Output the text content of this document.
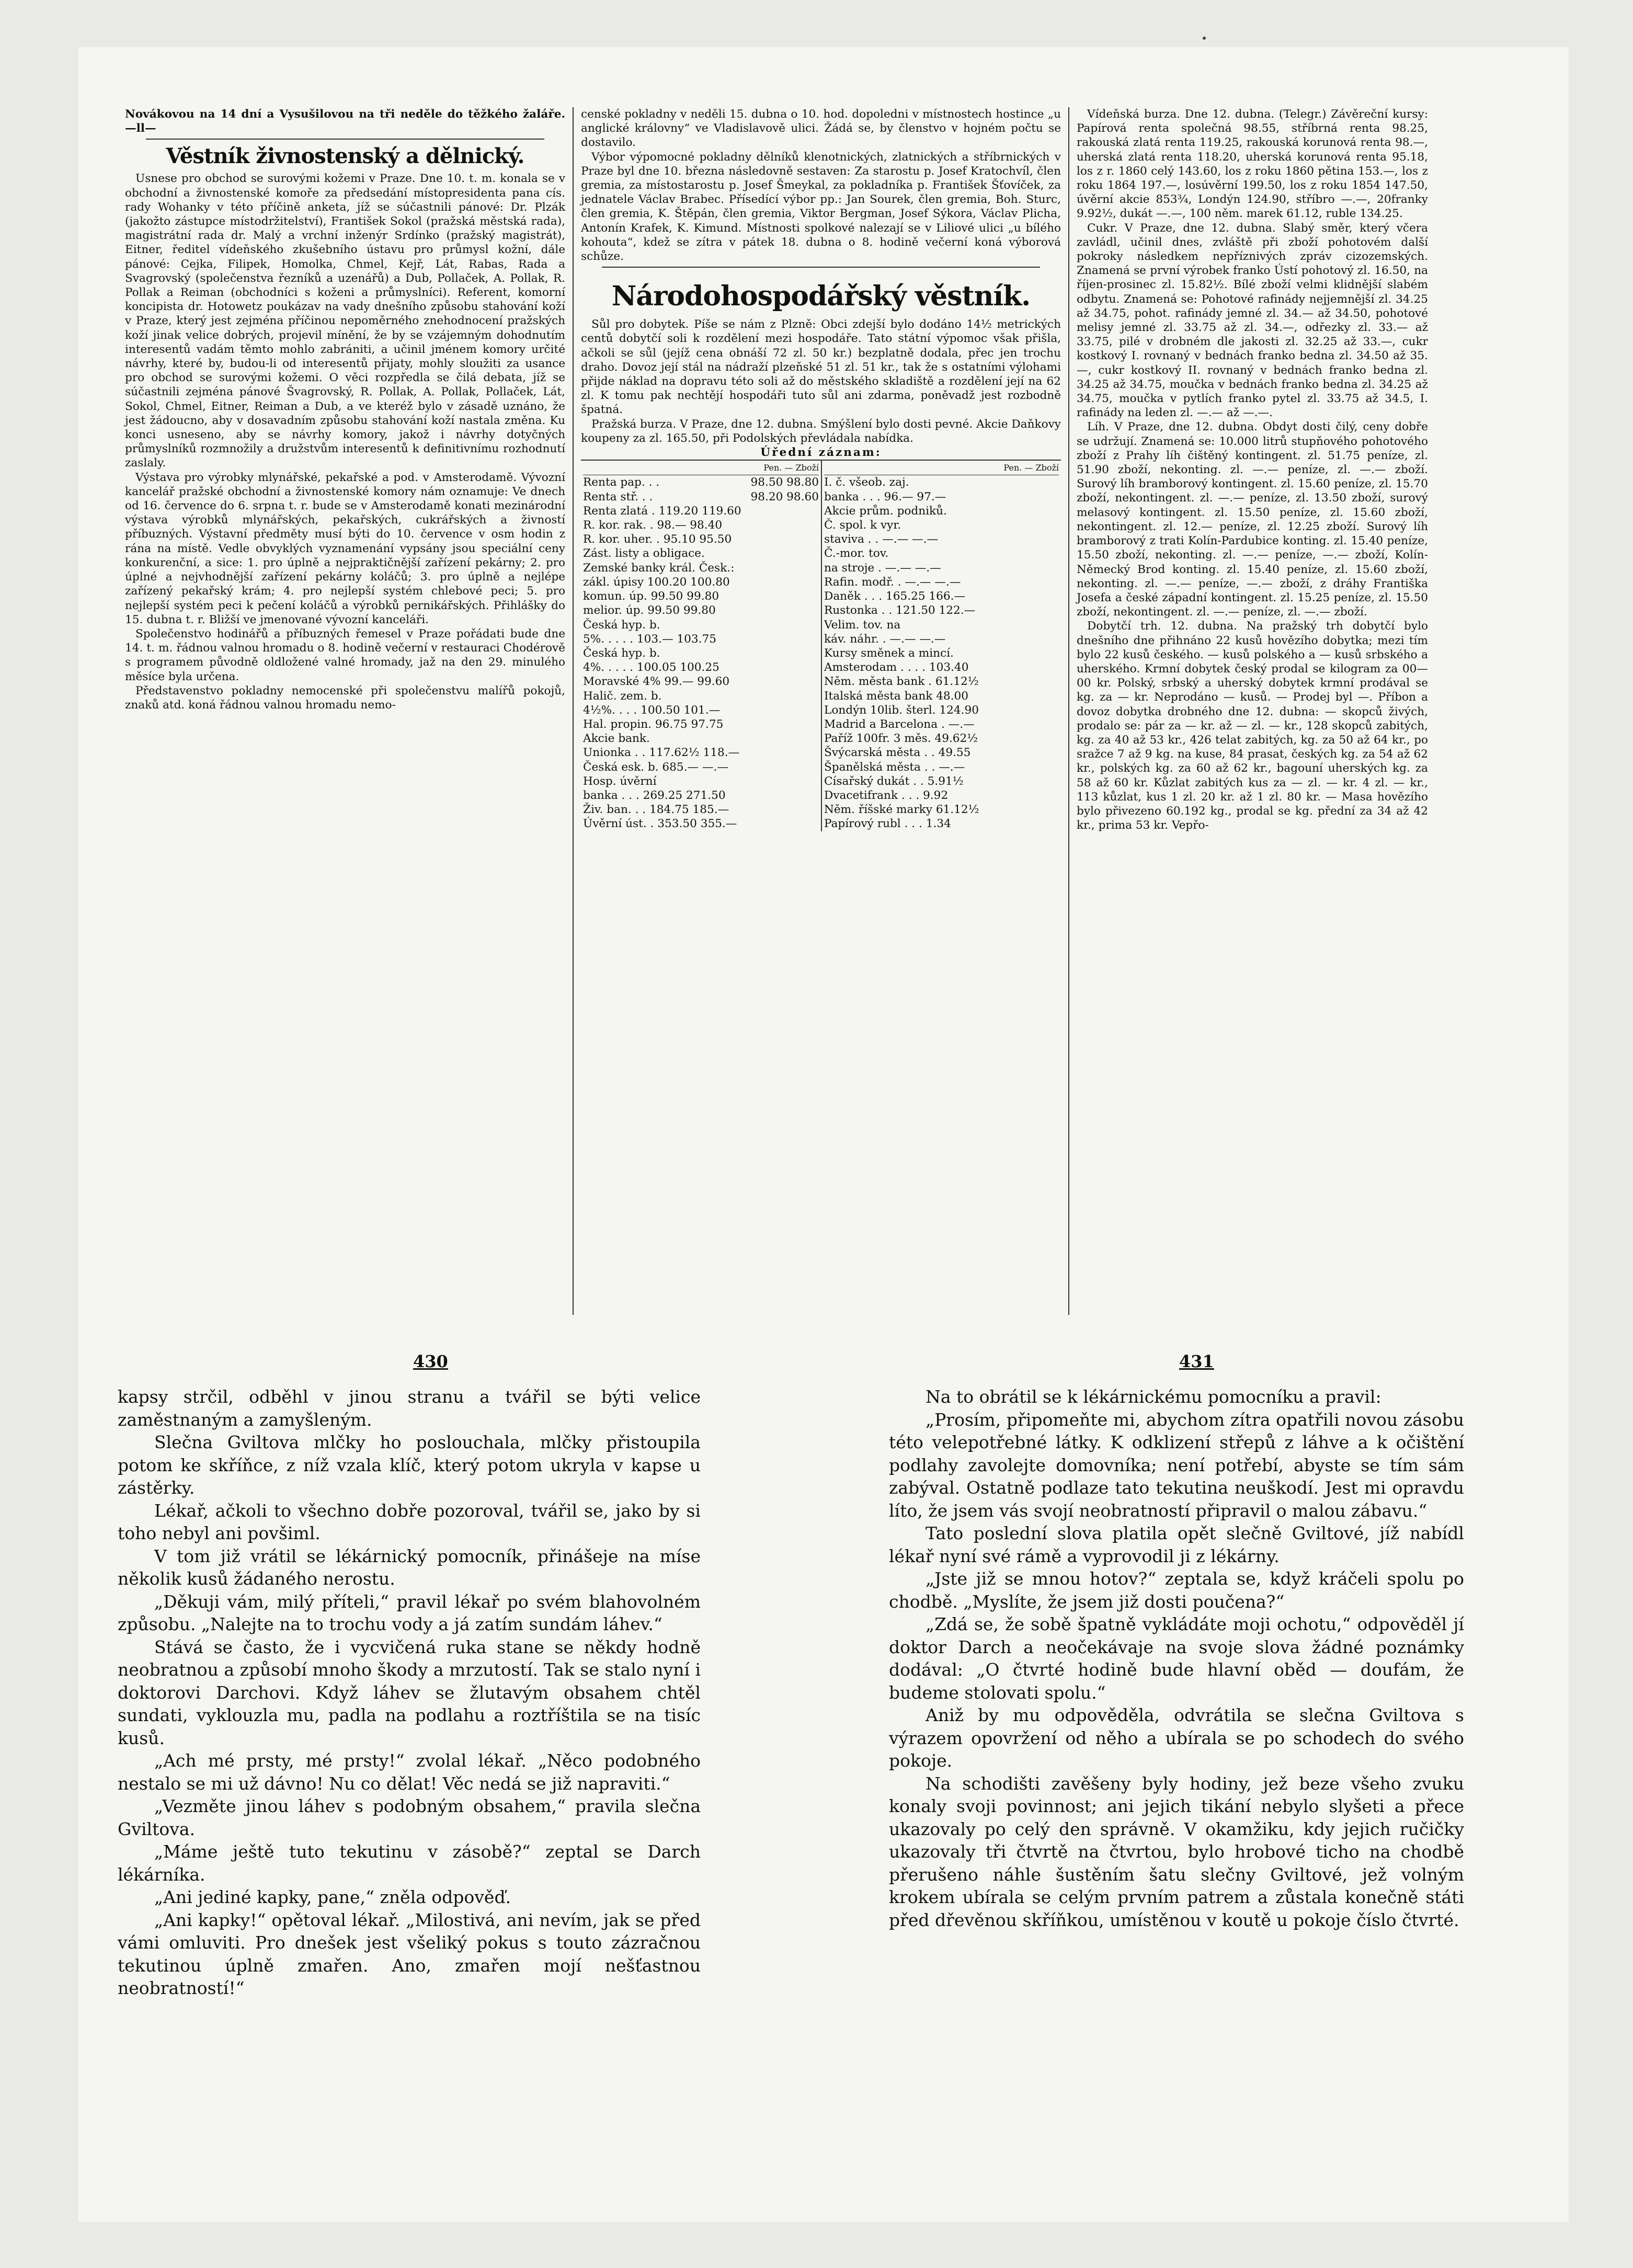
Novákovou na 14 dní a Vysušilovou na tři neděle do těžkého žaláře. —ll—

Věstník živnostenský a dělnický.

Usnese pro obchod se surovými kožemi v Praze. Dne 10. t. m. konala se v obchodní a živnostenské komoře za předsedání místopresidenta pana cís. rady Wohanky v této příčině anketa, jíž se súčastnili pánové: Dr. Plzák (jakožto zástupce místodržitelství), František Sokol (pražská městská rada), magistrátní rada dr. Malý a vrchní inženýr Srdínko (pražský magistrát), Eitner, ředitel vídeňského zkušebního ústavu pro průmysl kožní, dále pánové: Cejka, Filipek, Homolka, Chmel, Kejř, Lát, Rabas, Rada a Svagrovský (společenstva řezníků a uzenářů) a Dub, Pollaček, A. Pollak, R. Pollak a Reiman (obchodníci s koženi a průmyslníci). Referent, komorní koncipista dr. Hotowetz poukázav na vady dnešního způsobu stahování koží v Praze, který jest zejména příčinou nepoměrného znehodnocení pražských koží jinak velice dobrých, projevil mínění, že by se vzájemným dohodnutím interesentů vadám těmto mohlo zabrániti, a učinil jménem komory určité návrhy, které by, budou-li od interesentů přijaty, mohly sloužiti za usance pro obchod se surovými kožemi. O věci rozpředla se čilá debata, jíž se súčastnili zejména pánové Švagrovský, R. Pollak, A. Pollak, Pollaček, Lát, Sokol, Chmel, Eitner, Reiman a Dub, a ve kteréž bylo v zásadě uznáno, že jest žádoucno, aby v dosavadním způsobu stahování koží nastala změna. Ku konci usneseno, aby se návrhy komory, jakož i návrhy dotyčných průmyslníků rozmnožily a družstvům interesentů k definitivnímu rozhodnutí zaslaly.

Výstava pro výrobky mlynářské, pekařské a pod. v Amsterodamě. Vývozní kancelář pražské obchodní a živnostenské komory nám oznamuje: Ve dnech od 16. července do 6. srpna t. r. bude se v Amsterodamě konati mezinárodní výstava výrobků mlynářských, pekařských, cukrářských a živností příbuzných. Výstavní předměty musí býti do 10. července v osm hodin z rána na místě. Vedle obvyklých vyznamenání vypsány jsou speciální ceny konkurenční, a sice: 1. pro úplně a nejpraktičnější zařízení pekárny; 2. pro úplné a nejvhodnější zařízení pekárny koláčů; 3. pro úplně a nejlépe zařízený pekařský krám; 4. pro nejlepší systém chlebové peci; 5. pro nejlepší systém peci k pečení koláčů a výrobků pernikářských. Přihlášky do 15. dubna t. r. Bližší ve jmenované vývozní kanceláři.

Společenstvo hodinářů a příbuzných řemesel v Praze pořádati bude dne 14. t. m. řádnou valnou hromadu o 8. hodině večerní v restauraci Chodérově s programem původně oldložené valné hromady, jaž na den 29. minulého měsíce byla určena.

Představenstvo pokladny nemocenské při společenstvu malířů pokojů, znaků atd. koná řádnou valnou hromadu nemo-

censké pokladny v neděli 15. dubna o 10. hod. dopoledni v místnostech hostince „u anglické královny“ ve Vladislavově ulici. Žádá se, by členstvo v hojném počtu se dostavilo.

Výbor výpomocné pokladny dělníků klenotnických, zlatnických a stříbrnických v Praze byl dne 10. března následovně sestaven: Za starostu p. Josef Kratochvíl, člen gremia, za místostarostu p. Josef Šmeykal, za pokladníka p. František Šťovíček, za jednatele Václav Brabec. Přísedící výbor pp.: Jan Sourek, člen gremia, Boh. Sturc, člen gremia, K. Štěpán, člen gremia, Viktor Bergman, Josef Sýkora, Václav Plicha, Antonín Krafek, K. Kimund. Místnosti spolkové nalezají se v Liliové ulici „u bílého kohouta“, kdež se zítra v pátek 18. dubna o 8. hodině večerní koná výborová schůze.

Národohospodářský věstník.

Sůl pro dobytek. Píše se nám z Plzně: Obci zdejší bylo dodáno 14½ metrických centů dobytčí soli k rozdělení mezi hospodáře. Tato státní výpomoc však přišla, ačkoli se sůl (jejíž cena obnáší 72 zl. 50 kr.) bezplatně dodala, přec jen trochu draho. Dovoz její stál na nádraží plzeňské 51 zl. 51 kr., tak že s ostatními výlohami přijde náklad na dopravu této soli až do městského skladiště a rozdělení její na 62 zl. K tomu pak nechtějí hospodáři tuto sůl ani zdarma, poněvadž jest rozbodně špatná.

Pražská burza. V Praze, dne 12. dubna. Smýšlení bylo dosti pevné. Akcie Daňkovy koupeny za zl. 165.50, při Podolských převládala nabídka.

Úřední záznam:
Pen. — Zboží
Renta pap. . .	98.50 98.80
Renta stř. . .	98.20 98.60
Renta zlatá . 119.20 119.60
R. kor. rak. . 98.— 98.40
R. kor. uher. . 95.10 95.50
Zást. listy a obligace.
Zemské banky král. Česk.:
zákl. úpisy 100.20 100.80
komun. úp. 99.50 99.80
melior. úp. 99.50 99.80
Česká hyp. b.
5%. . . . . 103.— 103.75
Česká hyp. b.
4%. . . . . 100.05 100.25
Moravské 4% 99.— 99.60
Halič. zem. b.
4½%. . . . 100.50 101.—
Hal. propin. 96.75 97.75
Akcie bank.
Unionka . . 117.62½ 118.—
Česká esk. b. 685.— —.—
Hosp. úvěrní
banka . . . 269.25 271.50
Živ. ban. . . 184.75 185.—
Úvěrní úst. . 353.50 355.—
Pen. — Zboží
I. č. všeob. zaj.
banka . . . 96.— 97.—
Akcie prům. podniků.
Č. spol. k vyr.
staviva . . —.— —.—
Č.-mor. tov.
na stroje . —.— —.—
Rafin. modř. . —.— —.—
Daněk . . . 165.25 166.—
Rustonka . . 121.50 122.—
Velim. tov. na
káv. náhr. . —.— —.—
Kursy směnek a mincí.
Amsterodam . . . . 103.40
Něm. města bank . 61.12½
Italská města bank 48.00
Londýn 10lib. šterl. 124.90
Madrid a Barcelona . —.—
Paříž 100fr. 3 měs. 49.62½
Švýcarská města . . 49.55
Španělská města . . —.—
Císařský dukát . . 5.91½
Dvacetifrank . . . 9.92
Něm. říšské marky 61.12½
Papírový rubl . . . 1.34

Vídeňská burza. Dne 12. dubna. (Telegr.) Závěreční kursy: Papírová renta společná 98.55, stříbrná renta 98.25, rakouská zlatá renta 119.25, rakouská korunová renta 98.—, uherská zlatá renta 118.20, uherská korunová renta 95.18, los z r. 1860 celý 143.60, los z roku 1860 pětina 153.—, los z roku 1864 197.—, losúvěrní 199.50, los z roku 1854 147.50, úvěrní akcie 853¾, Londýn 124.90, stříbro —.—, 20franky 9.92½, dukát —.—, 100 něm. marek 61.12, ruble 134.25.

Cukr. V Praze, dne 12. dubna. Slabý směr, který včera zavládl, učinil dnes, zvláště při zboží pohotovém další pokroky následkem nepříznivých zpráv cizozemských. Znamená se první výrobek franko Ústí pohotový zl. 16.50, na říjen-prosinec zl. 15.82½. Bílé zboží velmi klidnější slabém odbytu. Znamená se: Pohotové rafinády nejjemnější zl. 34.25 až 34.75, pohot. rafinády jemné zl. 34.— až 34.50, pohotové melisy jemné zl. 33.75 až zl. 34.—, odřezky zl. 33.— až 33.75, pilé v drobném dle jakosti zl. 32.25 až 33.—, cukr kostkový I. rovnaný v bednách franko bedna zl. 34.50 až 35.—, cukr kostkový II. rovnaný v bednách franko bedna zl. 34.25 až 34.75, moučka v bednách franko bedna zl. 34.25 až 34.75, moučka v pytlích franko pytel zl. 33.75 až 34.5, I. rafinády na leden zl. —.— až —.—.

Líh. V Praze, dne 12. dubna. Obdyt dosti čilý, ceny dobře se udržují. Znamená se: 10.000 litrů stupňového pohotového zboží z Prahy líh čištěný kontingent. zl. 51.75 peníze, zl. 51.90 zboží, nekonting. zl. —.— peníze, zl. —.— zboží. Surový líh bramborový kontingent. zl. 15.60 peníze, zl. 15.70 zboží, nekontingent. zl. —.— peníze, zl. 13.50 zboží, surový melasový kontingent. zl. 15.50 peníze, zl. 15.60 zboží, nekontingent. zl. 12.— peníze, zl. 12.25 zboží. Surový líh bramborový z trati Kolín-Pardubice konting. zl. 15.40 peníze, 15.50 zboží, nekonting. zl. —.— peníze, —.— zboží, Kolín-Německý Brod konting. zl. 15.40 peníze, zl. 15.60 zboží, nekonting. zl. —.— peníze, —.— zboží, z dráhy Františka Josefa a české západní kontingent. zl. 15.25 peníze, zl. 15.50 zboží, nekontingent. zl. —.— peníze, zl. —.— zboží.

Dobytčí trh. 12. dubna. Na pražský trh dobytčí bylo dnešního dne přihnáno 22 kusů hovězího dobytka; mezi tím bylo 22 kusů českého. — kusů polského a — kusů srbského a uherského. Krmní dobytek český prodal se kilogram za 00—00 kr. Polský, srbský a uherský dobytek krmní prodával se kg. za — kr. Neprodáno — kusů. — Prodej byl —. Příbon a dovoz dobytka drobného dne 12. dubna: — skopců živých, prodalo se: pár za — kr. až — zl. — kr., 128 skopců zabitých, kg. za 40 až 53 kr., 426 telat zabitých, kg. za 50 až 64 kr., po sražce 7 až 9 kg. na kuse, 84 prasat, českých kg. za 54 až 62 kr., polských kg. za 60 až 62 kr., bagouní uherských kg. za 58 až 60 kr. Kůzlat zabitých kus za — zl. — kr. 4 zl. — kr., 113 kůzlat, kus 1 zl. 20 kr. až 1 zl. 80 kr. — Masa hovězího bylo přivezeno 60.192 kg., prodal se kg. přední za 34 až 42 kr., prima 53 kr. Vepřo-

430	431

kapsy strčil, odběhl v jinou stranu a tvářil se býti velice zaměstnaným a zamyšleným.

Slečna Gviltova mlčky ho poslouchala, mlčky přistoupila potom ke skříňce, z níž vzala klíč, který potom ukryla v kapse u zástěrky.

Lékař, ačkoli to všechno dobře pozoroval, tvářil se, jako by si toho nebyl ani povšiml.

V tom již vrátil se lékárnický pomocník, přinášeje na míse několik kusů žádaného nerostu.

„Děkuji vám, milý příteli,“ pravil lékař po svém blahovolném způsobu. „Nalejte na to trochu vody a já zatím sundám láhev.“

Stává se často, že i vycvičená ruka stane se někdy hodně neobratnou a způsobí mnoho škody a mrzutostí. Tak se stalo nyní i doktorovi Darchovi. Když láhev se žlutavým obsahem chtěl sundati, vyklouzla mu, padla na podlahu a roztříštila se na tisíc kusů.

„Ach mé prsty, mé prsty!“ zvolal lékař. „Něco podobného nestalo se mi už dávno! Nu co dělat! Věc nedá se již napraviti.“

„Vezměte jinou láhev s podobným obsahem,“ pravila slečna Gviltova.

„Máme ještě tuto tekutinu v zásobě?“ zeptal se Darch lékárníka.

„Ani jediné kapky, pane,“ zněla odpověď.

„Ani kapky!“ opětoval lékař. „Milostivá, ani nevím, jak se před vámi omluviti. Pro dnešek jest všeliký pokus s touto zázračnou tekutinou úplně zmařen. Ano, zmařen mojí nešťastnou neobratností!“

Na to obrátil se k lékárnickému pomocníku a pravil:

„Prosím, připomeňte mi, abychom zítra opatřili novou zásobu této velepotřebné látky. K odklizení střepů z láhve a k očištění podlahy zavolejte domovníka; není potřebí, abyste se tím sám zabýval. Ostatně podlaze tato tekutina neuškodí. Jest mi opravdu líto, že jsem vás svojí neobratností připravil o malou zábavu.“

Tato poslední slova platila opět slečně Gviltové, jíž nabídl lékař nyní své rámě a vyprovodil ji z lékárny.

„Jste již se mnou hotov?“ zeptala se, když kráčeli spolu po chodbě. „Myslíte, že jsem již dosti poučena?“

„Zdá se, že sobě špatně vykládáte moji ochotu,“ odpověděl jí doktor Darch a neočekávaje na svoje slova žádné poznámky dodával: „O čtvrté hodině bude hlavní oběd — doufám, že budeme stolovati spolu.“

Aniž by mu odpověděla, odvrátila se slečna Gviltova s výrazem opovržení od něho a ubírala se po schodech do svého pokoje.

Na schodišti zavěšeny byly hodiny, jež beze všeho zvuku konaly svoji povinnost; ani jejich tikání nebylo slyšeti a přece ukazovaly po celý den správně. V okamžiku, kdy jejich ručičky ukazovaly tři čtvrtě na čtvrtou, bylo hrobové ticho na chodbě přerušeno náhle šustěním šatu slečny Gviltové, jež volným krokem ubírala se celým prvním patrem a zůstala konečně státi před dřevěnou skříňkou, umístěnou v koutě u pokoje číslo čtvrté.
